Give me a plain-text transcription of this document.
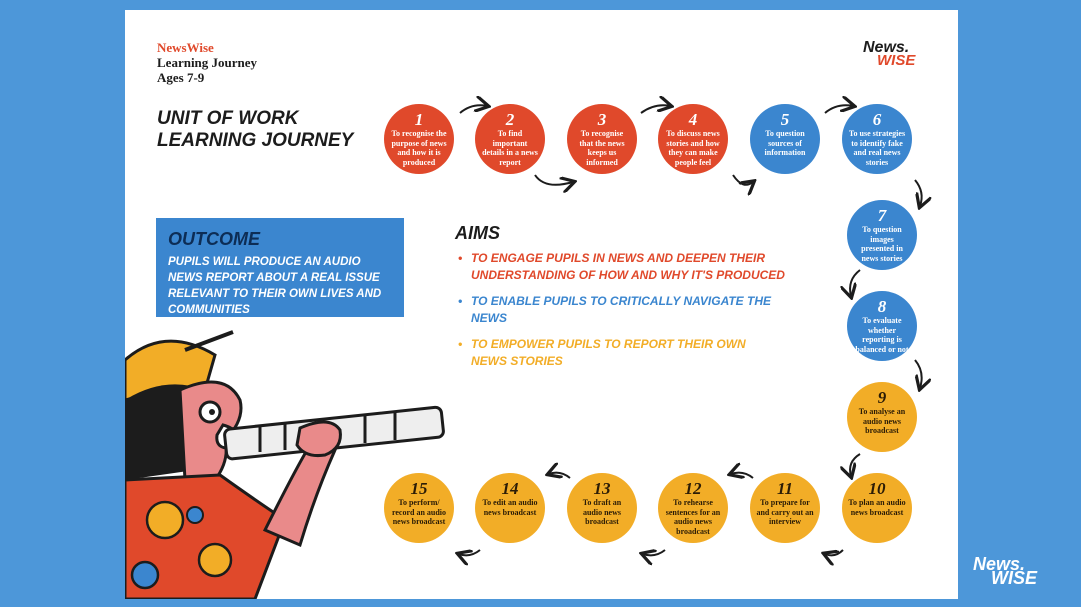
NewsWise
Learning Journey
Ages 7-9
News.
WISE
UNIT OF WORK
LEARNING JOURNEY
OUTCOME
PUPILS WILL PRODUCE AN AUDIO NEWS REPORT ABOUT A REAL ISSUE RELEVANT TO THEIR OWN LIVES AND COMMUNITIES
AIMS
• TO ENGAGE PUPILS IN NEWS AND DEEPEN THEIR UNDERSTANDING OF HOW AND WHY IT'S PRODUCED
• TO ENABLE PUPILS TO CRITICALLY NAVIGATE THE NEWS
• TO EMPOWER PUPILS TO REPORT THEIR OWN NEWS STORIES
1
To recognise the purpose of news and how it is produced
2
To find important details in a news report
3
To recognise that the news keeps us informed
4
To discuss news stories and how they can make people feel
5
To question sources of information
6
To use strategies to identify fake and real news stories
7
To question images presented in news stories
8
To evaluate whether reporting is balanced or not
9
To analyse an audio news broadcast
10
To plan an audio news broadcast
11
To prepare for and carry out an interview
12
To rehearse sentences for an audio news broadcast
13
To draft an audio news broadcast
14
To edit an audio news broadcast
15
To perform/ record an audio news broadcast
News.
WISE
